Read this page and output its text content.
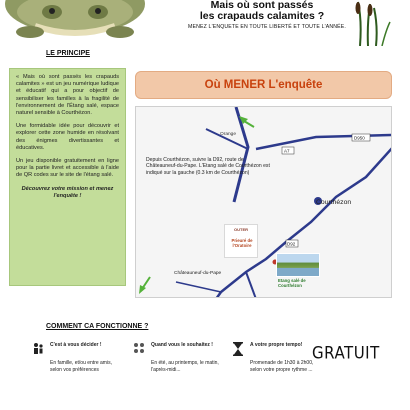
Mais où sont passés
les crapauds calamites ?
MENEZ L'ENQUETE EN TOUTE LIBERTÉ ET TOUTE L'ANNÉE.
LE PRINCIPE

« Mais où sont passés les crapauds calamites » est un jeu numérique ludique et éducatif qui a pour objectif de sensibiliser les familles à la fragilité de l'environnement de l'Étang salé, espace naturel sensible à Courthézon.

Une formidable idée pour découvrir et explorer cette zone humide en résolvant des énigmes divertissantes et éducatives.

Un jeu disponible gratuitement en ligne pour la partie livret et accessible à l'aide de QR codes sur le site de l'étang salé.

Découvrez votre mission et menez l'enquête !

Où MENER L'enquête
A7
D950
D92
Orange
Depuis Courthézon, suivre la D92, route de Châteauneuf-du-Pape. L'Etang salé de Courthézon est indiqué sur la gauche (0.3 km de Courthézon)
Courthézon
OUTER
Prieuré de l'Oratoire
Etang salé de Courthézon
Châteauneuf-du-Pape
COMMENT CA FONCTIONNE ?
C'est à vous décider !
En famille, et/ou entre amis, selon vos préférences
Quand vous le souhaitez !
En été, au printemps, le matin, l'après-midi...
A votre propre tempo!
Promenade de 1h30 à 2h00, selon votre propre rythme ...
GRATUIT
